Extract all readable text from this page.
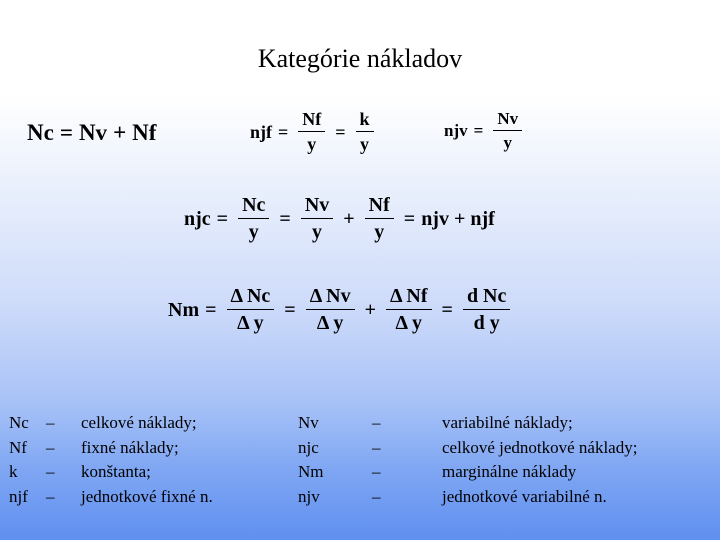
Kategórie nákladov
Nc = Nv + Nf	njf = $\frac{Nf}{y} = \frac{k}{y}$	njv = $\frac{Nv}{y}$
njc = $\frac{Nc}{y} = \frac{Nv}{y} + \frac{Nf}{y}$ = njv + njf
$Nm = \frac{\text{Δ Nc}}{\text{Δ y}} = \frac{\text{Δ Nv}}{\text{Δ y}} + \frac{\text{Δ Nf}}{\text{Δ y}} = \frac{\text{d Nc}}{\text{d y}}$
Nc
Nf
k
njf
–
–
–
–
celkové náklady;
fixné náklady;
konštanta;
jednotkové fixné n.
Nv
njc
Nm
njv
–
–
–
–
variabilné náklady;
celkové jednotkové náklady;
marginálne náklady
jednotkové variabilné n.
